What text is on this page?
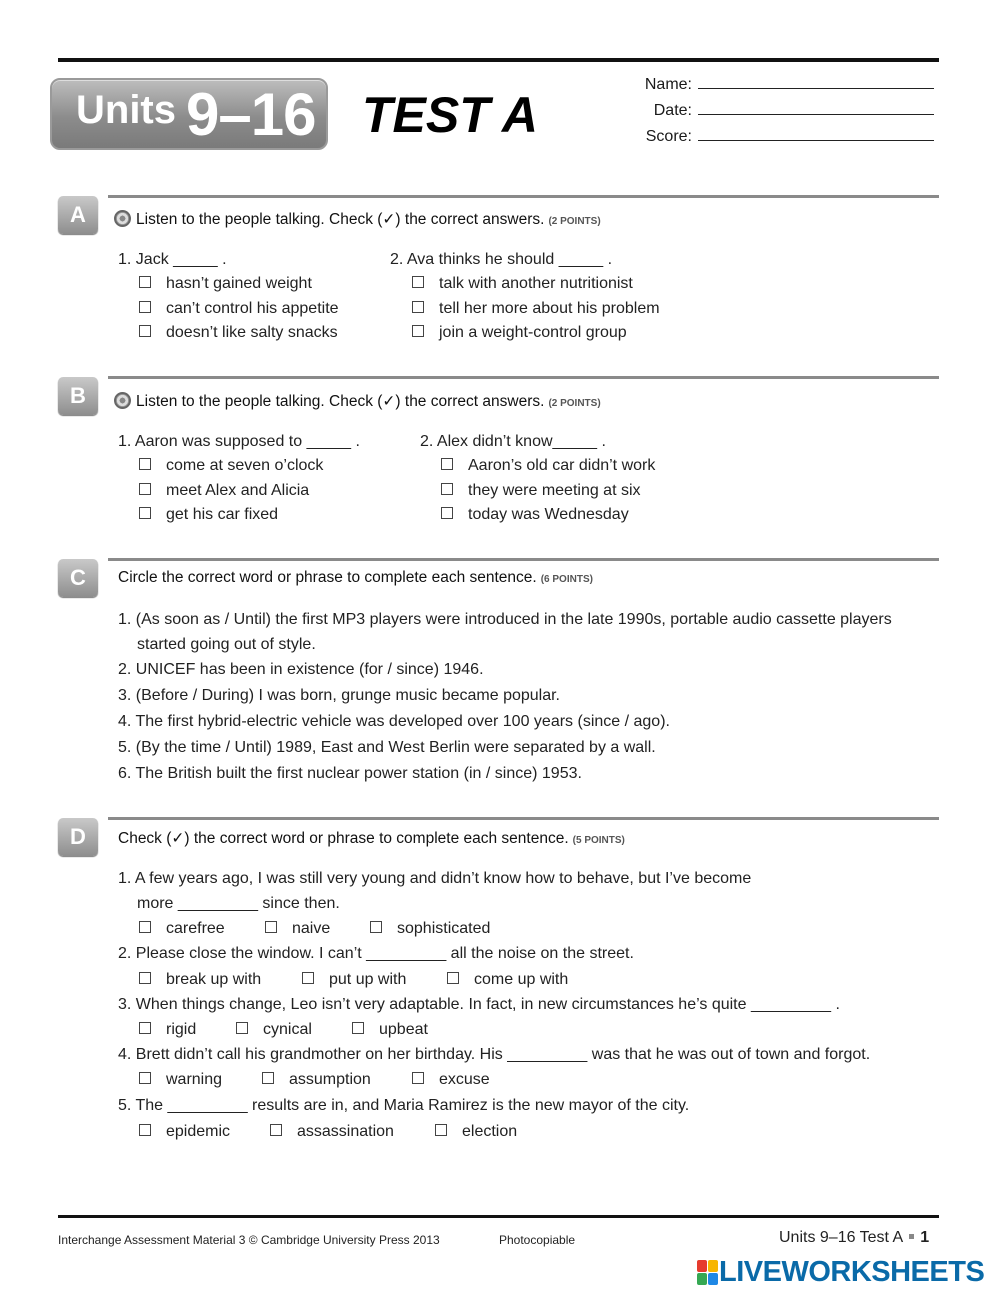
Units 9–16 TEST A
Name:
Date:
Score:
A	Listen to the people talking. Check (✓) the correct answers. (2 POINTS)
1. Jack _____ .
hasn’t gained weight
can’t control his appetite
doesn’t like salty snacks
2. Ava thinks he should _____ .
talk with another nutritionist
tell her more about his problem
join a weight-control group
B	Listen to the people talking. Check (✓) the correct answers. (2 POINTS)
1. Aaron was supposed to _____ .
come at seven o’clock
meet Alex and Alicia
get his car fixed
2. Alex didn’t know_____ .
Aaron’s old car didn’t work
they were meeting at six
today was Wednesday
C	Circle the correct word or phrase to complete each sentence. (6 POINTS)
1. (As soon as / Until) the first MP3 players were introduced in the late 1990s, portable audio cassette players
started going out of style.
2. UNICEF has been in existence (for / since) 1946.
3. (Before / During) I was born, grunge music became popular.
4. The first hybrid-electric vehicle was developed over 100 years (since / ago).
5. (By the time / Until) 1989, East and West Berlin were separated by a wall.
6. The British built the first nuclear power station (in / since) 1953.
D	Check (✓) the correct word or phrase to complete each sentence. (5 POINTS)
1. A few years ago, I was still very young and didn’t know how to behave, but I’ve become
more _________ since then.
carefree	naive	sophisticated
2. Please close the window. I can’t _________ all the noise on the street.
break up with	put up with	come up with
3. When things change, Leo isn’t very adaptable. In fact, in new circumstances he’s quite _________ .
rigid	cynical	upbeat
4. Brett didn’t call his grandmother on her birthday. His _________ was that he was out of town and forgot.
warning	assumption	excuse
5. The _________ results are in, and Maria Ramirez is the new mayor of the city.
epidemic	assassination	election
Interchange Assessment Material 3 © Cambridge University Press 2013	Photocopiable	Units 9–16 Test A 1
LIVEWORKSHEETS
